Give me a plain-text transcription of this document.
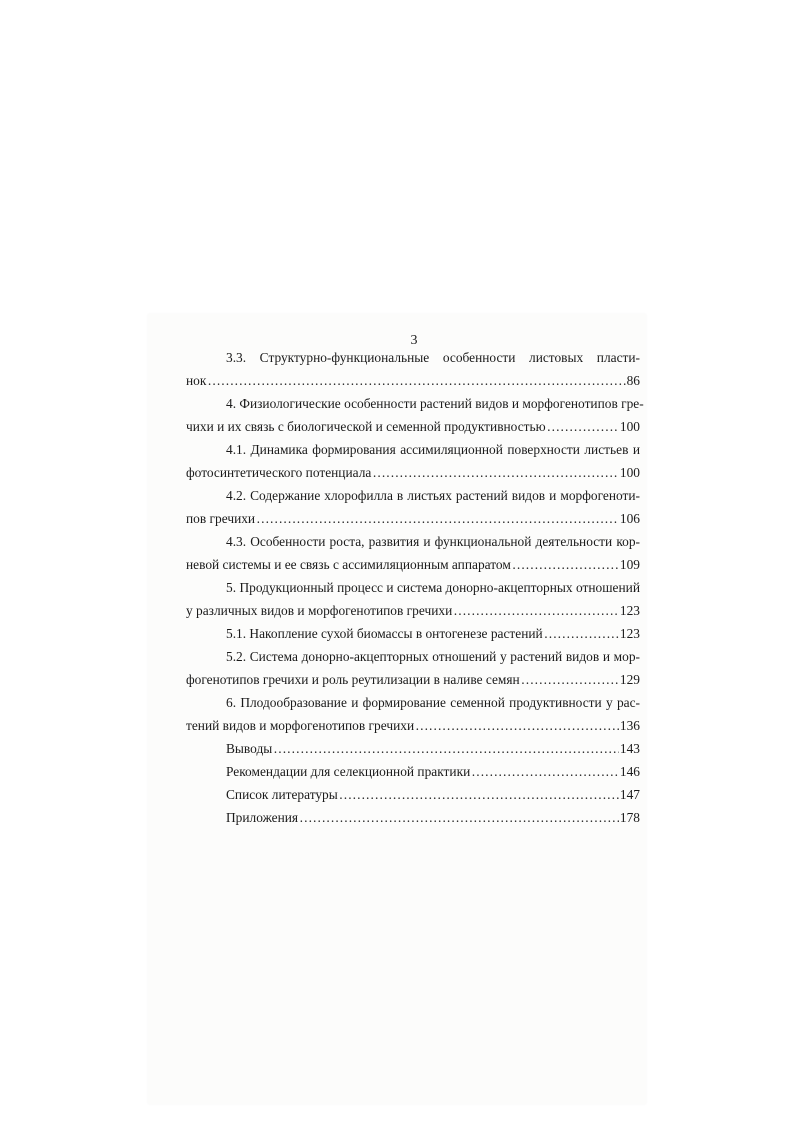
3
3.3. Структурно-функциональные особенности листовых пласти-
нок ………………………………………………………………………………………………………………………………………………………………………………	86
4. Физиологические особенности растений видов и морфогенотипов гре-
чихи и их связь с биологической и семенной продуктивностью ………………………………………………………………………………………………………………………………………………………………………………	100
4.1. Динамика формирования ассимиляционной поверхности листьев и
фотосинтетического потенциала ………………………………………………………………………………………………………………………………………………………………………………	100
4.2. Содержание хлорофилла в листьях растений видов и морфогеноти-
пов гречихи ………………………………………………………………………………………………………………………………………………………………………………	106
4.3. Особенности роста, развития и функциональной деятельности кор-
невой системы и ее связь с ассимиляционным аппаратом ………………………………………………………………………………………………………………………………………………………………………………	109
5. Продукционный процесс и система донорно-акцепторных отношений
у различных видов и морфогенотипов гречихи ………………………………………………………………………………………………………………………………………………………………………………	123
5.1. Накопление сухой биомассы в онтогенезе растений ………………………………………………………………………………………………………………………………………………………………………………	123
5.2. Система донорно-акцепторных отношений у растений видов и мор-
фогенотипов гречихи и роль реутилизации в наливе семян ………………………………………………………………………………………………………………………………………………………………………………	129
6. Плодообразование и формирование семенной продуктивности у рас-
тений видов и морфогенотипов гречихи ………………………………………………………………………………………………………………………………………………………………………………	136
Выводы ………………………………………………………………………………………………………………………………………………………………………………	143
Рекомендации для селекционной практики ………………………………………………………………………………………………………………………………………………………………………………	146
Список литературы ………………………………………………………………………………………………………………………………………………………………………………	147
Приложения ………………………………………………………………………………………………………………………………………………………………………………	178
